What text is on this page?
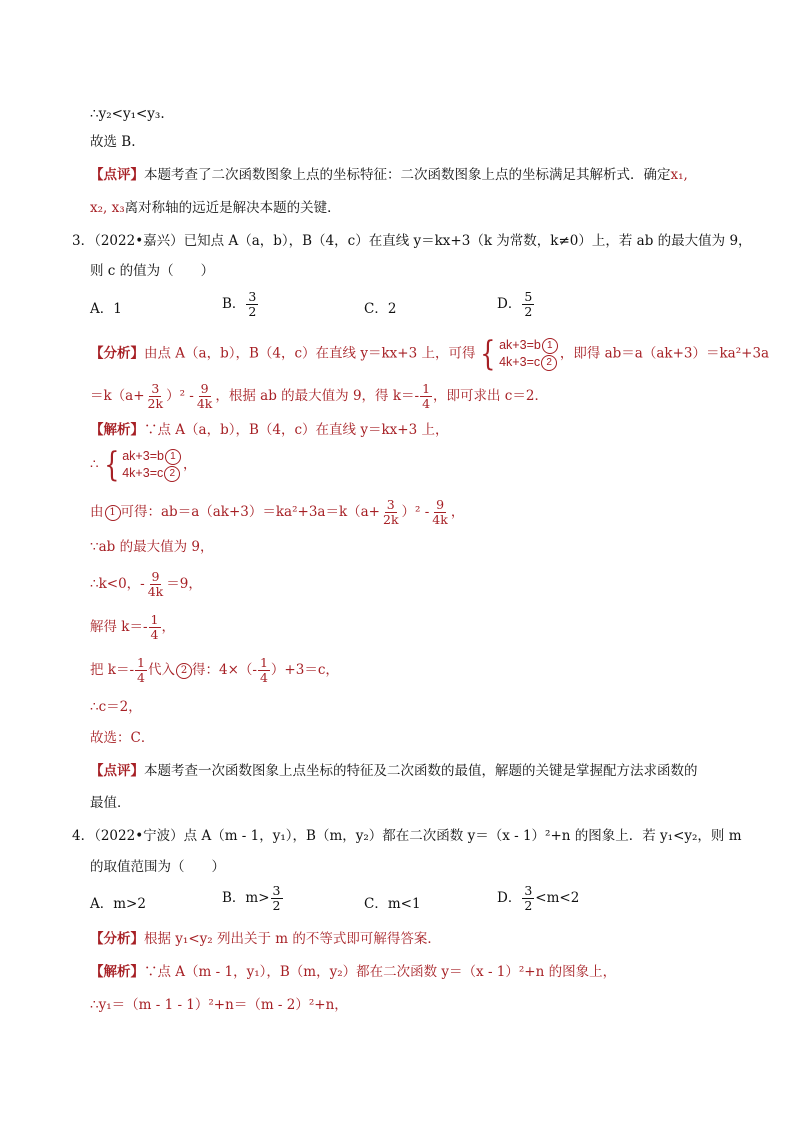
∴y₂<y₁<y₃.
故选 B.
【点评】本题考查了二次函数图象上点的坐标特征：二次函数图象上点的坐标满足其解析式．确定x₁,
x₂, x₃离对称轴的远近是解决本题的关键．
3．（2022•嘉兴）已知点 A（a，b），B（4，c）在直线 y＝kx+3（k 为常数，k≠0）上，若 ab 的最大值为 9，
则 c 的值为（　　）
A．1	B． $\frac{3}{2}$	C．2	D． $\frac{5}{2}$
【分析】由点 A（a，b），B（4，c）在直线 y＝kx+3 上，可得 { ak+3=b 1
4k+3=c 2
，即得 ab＝a（ak+3）＝ka²+3a
$=k(a+ \frac{3}{2k} )^2 - \frac{9}{4k}$ ，根据 ab 的最大值为 9，得 $k=- \frac{1}{4}$ ，即可求出 c＝2．
【解析】∵点 A（a，b），B（4，c）在直线 y＝kx+3 上，
∴ { ak+3=b 1
4k+3=c 2
，
由 1 可得：$ab=a(ak+3)=ka^2+3a=k(a+ \frac{3}{2k} )^2 - \frac{9}{4k}$ ，
∵ab 的最大值为 9，
∴k<0，- $\frac{9}{4k} =9$，
解得 $k=- \frac{1}{4}$ ，
把 $k=- \frac{1}{4}$ 代入 2 得：$4\times(- \frac{1}{4} )+3=c$，
∴c＝2，
故选：C．
【点评】本题考查一次函数图象上点坐标的特征及二次函数的最值，解题的关键是掌握配方法求函数的
最值．
4．（2022•宁波）点 A（m - 1，y₁），B（m，y₂）都在二次函数 y＝（x - 1）²+n 的图象上．若 y₁<y₂，则 m
的取值范围为（　　）
A．m>2	B．$m> \frac{3}{2}$	C．m<1	D． $\frac{3}{2} <m<2$
【分析】根据 y₁<y₂ 列出关于 m 的不等式即可解得答案．
【解析】∵点 A（m - 1，y₁），B（m，y₂）都在二次函数 y＝（x - 1）²+n 的图象上，
∴y₁＝（m - 1 - 1）²+n＝（m - 2）²+n，
